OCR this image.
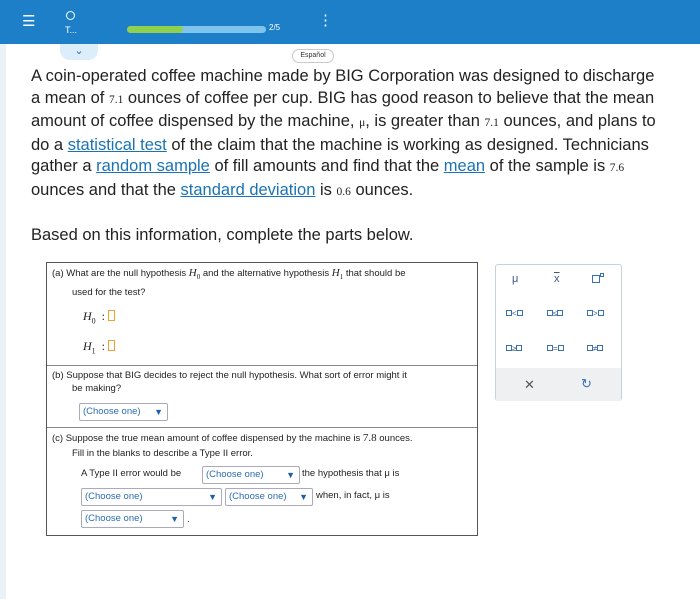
☰	T...	2/5	⋮
⌄	Español
A coin-operated coffee machine made by BIG Corporation was designed to discharge a mean of 7.1 ounces of coffee per cup. BIG has good reason to believe that the mean amount of coffee dispensed by the machine, μ, is greater than 7.1 ounces, and plans to do a statistical test of the claim that the machine is working as designed. Technicians gather a random sample of fill amounts and find that the mean of the sample is 7.6 ounces and that the standard deviation is 0.6 ounces.
Based on this information, complete the parts below.
(a) What are the null hypothesis $H_0$ and the alternative hypothesis $H_1$ that should be
used for the test?
$H_0$ :
$H_1$ :
(b) Suppose that BIG decides to reject the null hypothesis. What sort of error might it
be making?
(Choose one) ▼
(c) Suppose the true mean amount of coffee dispensed by the machine is 7.8 ounces.
Fill in the blanks to describe a Type II error.
A Type II error would be	(Choose one)	▼ the hypothesis that μ is
(Choose one)	▼	(Choose one) ▼ when, in fact, μ is
(Choose one)	▼ .
μ	$\overline{x}$
<	≤	>
≥	=	≠
✕	↻
